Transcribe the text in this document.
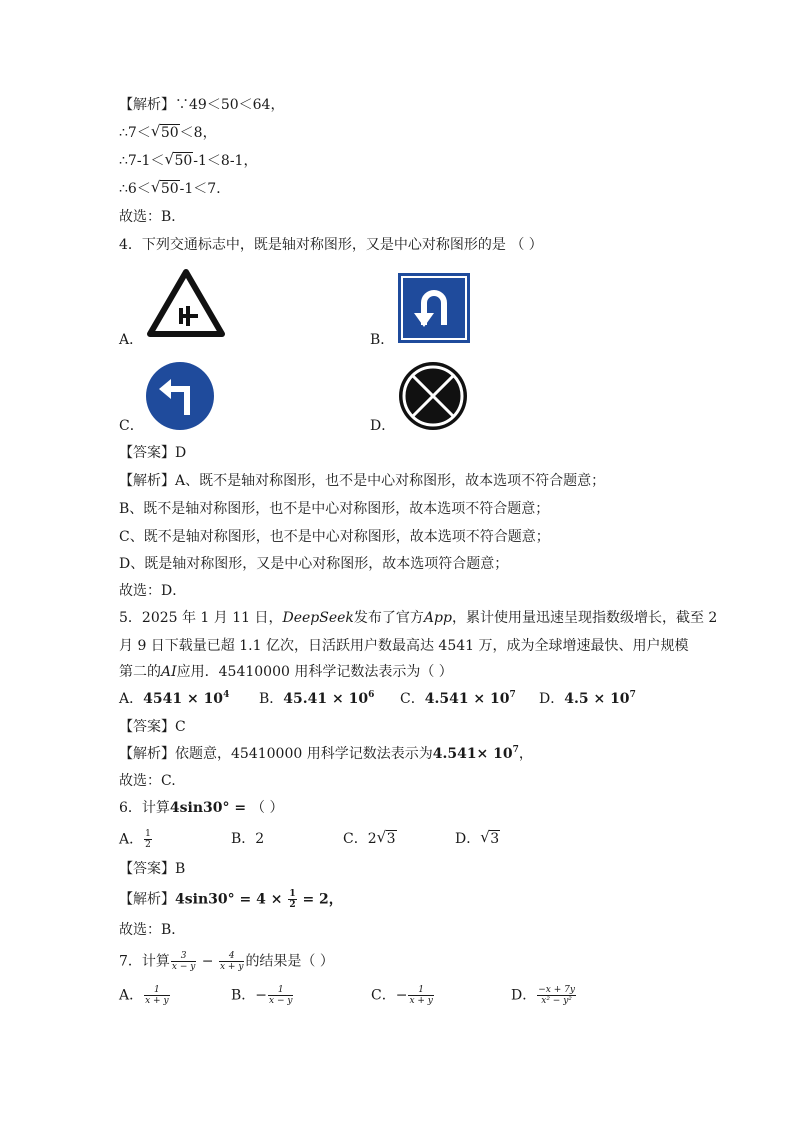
【解析】∵49＜50＜64，
∴7＜ √ 50＜8，
∴7-1＜ √ 50-1＜8-1，
∴6＜ √ 50-1＜7．
故选：B．
4．下列交通标志中，既是轴对称图形，又是中心对称图形的是 （ ）
A．	B．
C．	D．
【答案】D
【解析】A、既不是轴对称图形，也不是中心对称图形，故本选项不符合题意；
B、既不是轴对称图形，也不是中心对称图形，故本选项不符合题意；
C、既不是轴对称图形，也不是中心对称图形，故本选项不符合题意；
D、既是轴对称图形，又是中心对称图形，故本选项符合题意；
故选：D．
5．2025 年 1 月 11 日，DeepSeek发布了官方App，累计使用量迅速呈现指数级增长，截至 2
月 9 日下载量已超 1.1 亿次，日活跃用户数最高达 4541 万，成为全球增速最快、用户规模
第二的AI应用．45410000 用科学记数法表示为（ ）
A．$4541 \times 10^4$ B．$45.41 \times 10^6$ C．$4.541 \times 10^7$ D．$4.5 \times 10^7$
【答案】C
【解析】依题意，45410000 用科学记数法表示为$4.541\times 10^7$，
故选：C.
6．计算4sin30° = （ ）
A． $\frac{1}{2}$	B．2	C．2 √ 3	D． √ 3
【答案】B
【解析】$4\sin 30^\circ = 4 \times \frac{1}{2} = 2$，
故选：B．
7．计算 $\frac{3}{x - y} - \frac{4}{x + y}$ 的结果是（ ）
A． $\frac{1}{x + y}$	B．− $\frac{1}{x - y}$	C．− $\frac{1}{x + y}$	D． $\frac{-x + 7y}{\text{x² − y²}}$
